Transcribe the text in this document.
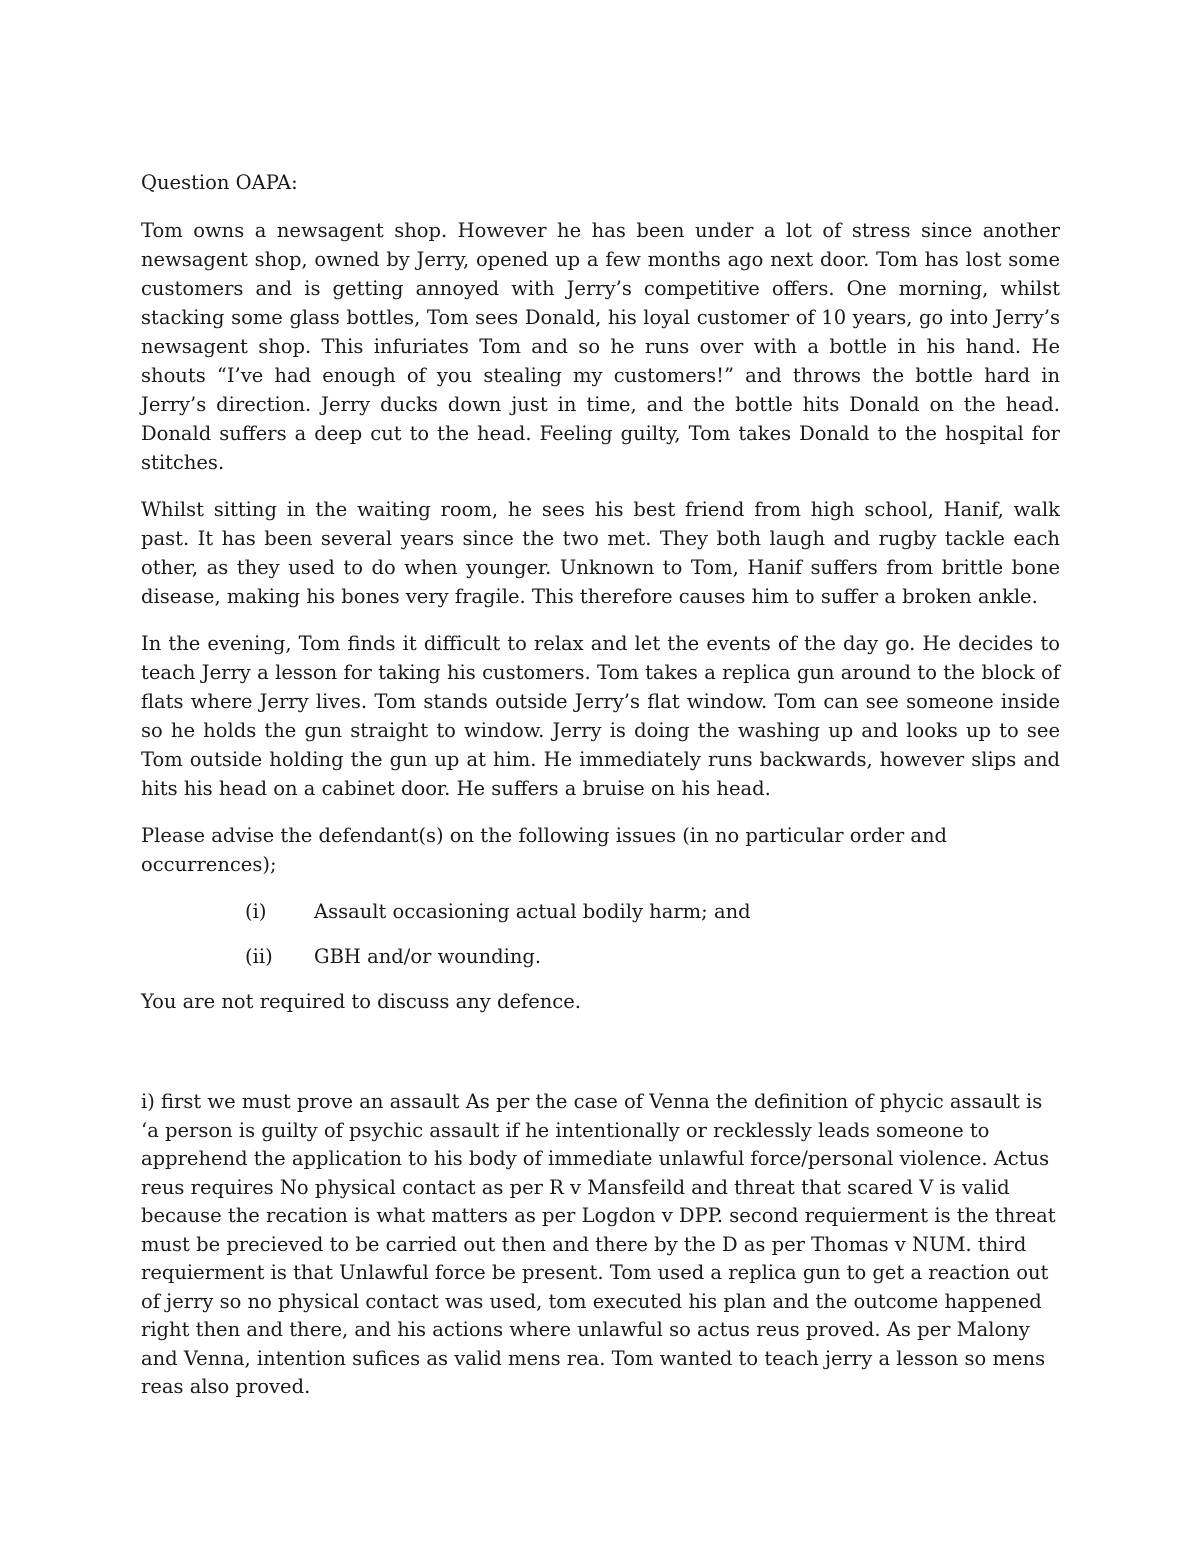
Question OAPA:

Tom owns a newsagent shop. However he has been under a lot of stress since another newsagent shop, owned by Jerry, opened up a few months ago next door. Tom has lost some customers and is getting annoyed with Jerry’s competitive offers. One morning, whilst stacking some glass bottles, Tom sees Donald, his loyal customer of 10 years, go into Jerry’s newsagent shop. This infuriates Tom and so he runs over with a bottle in his hand. He shouts “I’ve had enough of you stealing my customers!” and throws the bottle hard in Jerry’s direction. Jerry ducks down just in time, and the bottle hits Donald on the head. Donald suffers a deep cut to the head. Feeling guilty, Tom takes Donald to the hospital for stitches.

Whilst sitting in the waiting room, he sees his best friend from high school, Hanif, walk past. It has been several years since the two met. They both laugh and rugby tackle each other, as they used to do when younger. Unknown to Tom, Hanif suffers from brittle bone disease, making his bones very fragile. This therefore causes him to suffer a broken ankle.

In the evening, Tom finds it difficult to relax and let the events of the day go. He decides to teach Jerry a lesson for taking his customers. Tom takes a replica gun around to the block of flats where Jerry lives. Tom stands outside Jerry’s flat window. Tom can see someone inside so he holds the gun straight to window. Jerry is doing the washing up and looks up to see Tom outside holding the gun up at him. He immediately runs backwards, however slips and hits his head on a cabinet door. He suffers a bruise on his head.

Please advise the defendant(s) on the following issues (in no particular order and occurrences);

(i) Assault occasioning actual bodily harm; and
(ii) GBH and/or wounding.

You are not required to discuss any defence.

i) first we must prove an assault As per the case of Venna the definition of phycic assault is ‘a person is guilty of psychic assault if he intentionally or recklessly leads someone to apprehend the application to his body of immediate unlawful force/personal violence. Actus reus requires No physical contact as per R v Mansfeild and threat that scared V is valid because the recation is what matters as per Logdon v DPP. second requierment is the threat must be precieved to be carried out then and there by the D as per Thomas v NUM. third requierment is that Unlawful force be present. Tom used a replica gun to get a reaction out of jerry so no physical contact was used, tom executed his plan and the outcome happened right then and there, and his actions where unlawful so actus reus proved. As per Malony and Venna, intention sufices as valid mens rea. Tom wanted to teach jerry a lesson so mens reas also proved.
